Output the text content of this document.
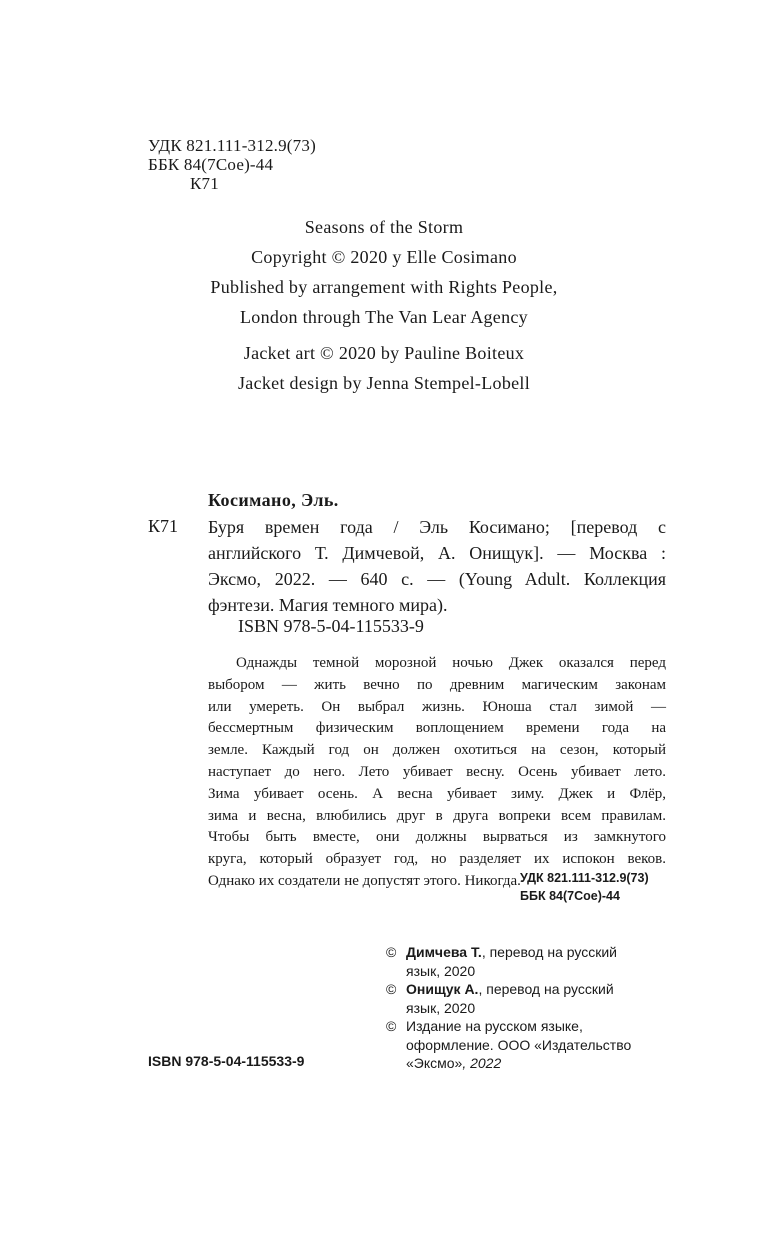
УДК 821.111-312.9(73)
ББК 84(7Сое)-44
К71
Seasons of the Storm
Copyright © 2020 у Elle Cosimano
Published by arrangement with Rights People,
London through The Van Lear Agency
Jacket art © 2020 by Pauline Boiteux
Jacket design by Jenna Stempel-Lobell
Косимано, Эль.
К71 Буря времен года / Эль Косимано; [перевод с
английского Т. Димчевой, А. Онищук]. — Москва :
Эксмо, 2022. — 640 с. — (Young Adult. Коллекция
фэнтези. Магия темного мира).
ISBN 978-5-04-115533-9
Однажды темной морозной ночью Джек оказался перед
выбором — жить вечно по древним магическим законам
или умереть. Он выбрал жизнь. Юноша стал зимой —
бессмертным физическим воплощением времени года на
земле. Каждый год он должен охотиться на сезон, который
наступает до него. Лето убивает весну. Осень убивает лето.
Зима убивает осень. А весна убивает зиму. Джек и Флёр,
зима и весна, влюбились друг в друга вопреки всем правилам.
Чтобы быть вместе, они должны вырваться из замкнутого
круга, который образует год, но разделяет их испокон веков.
Однако их создатели не допустят этого. Никогда. УДК 821.111-312.9(73)
ББК 84(7Сое)-44
© Димчева Т., перевод на русский
язык, 2020
© Онищук А., перевод на русский
язык, 2020
© Издание на русском языке,
оформление. ООО «Издательство
«Эксмо», 2022
ISBN 978-5-04-115533-9
